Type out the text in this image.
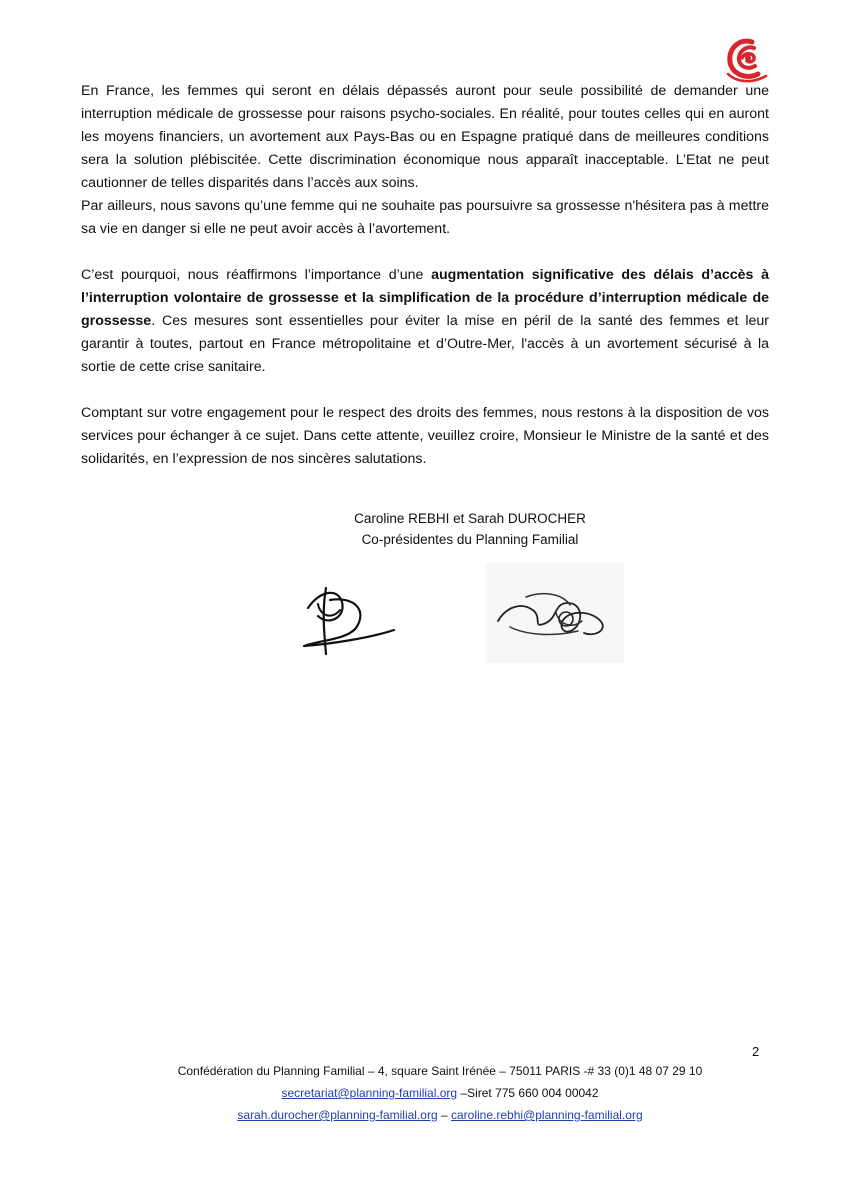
En France, les femmes qui seront en délais dépassés auront pour seule possibilité de demander une interruption médicale de grossesse pour raisons psycho-sociales. En réalité, pour toutes celles qui en auront les moyens financiers, un avortement aux Pays-Bas ou en Espagne pratiqué dans de meilleures conditions sera la solution plébiscitée. Cette discrimination économique nous apparaît inacceptable. L’Etat ne peut cautionner de telles disparités dans l’accès aux soins.

Par ailleurs, nous savons qu’une femme qui ne souhaite pas poursuivre sa grossesse n'hésitera pas à mettre sa vie en danger si elle ne peut avoir accès à l’avortement.

C’est pourquoi, nous réaffirmons l’importance d’une augmentation significative des délais d’accès à l’interruption volontaire de grossesse et la simplification de la procédure d’interruption médicale de grossesse. Ces mesures sont essentielles pour éviter la mise en péril de la santé des femmes et leur garantir à toutes, partout en France métropolitaine et d’Outre-Mer, l'accès à un avortement sécurisé à la sortie de cette crise sanitaire.

Comptant sur votre engagement pour le respect des droits des femmes, nous restons à la disposition de vos services pour échanger à ce sujet. Dans cette attente, veuillez croire, Monsieur le Ministre de la santé et des solidarités, en l’expression de nos sincères salutations.

Caroline REBHI et Sarah DUROCHER
Co-présidentes du Planning Familial
2
Confédération du Planning Familial – 4, square Saint Irénée – 75011 PARIS -# 33 (0)1 48 07 29 10
secretariat@planning-familial.org –Siret 775 660 004 00042
sarah.durocher@planning-familial.org – caroline.rebhi@planning-familial.org
